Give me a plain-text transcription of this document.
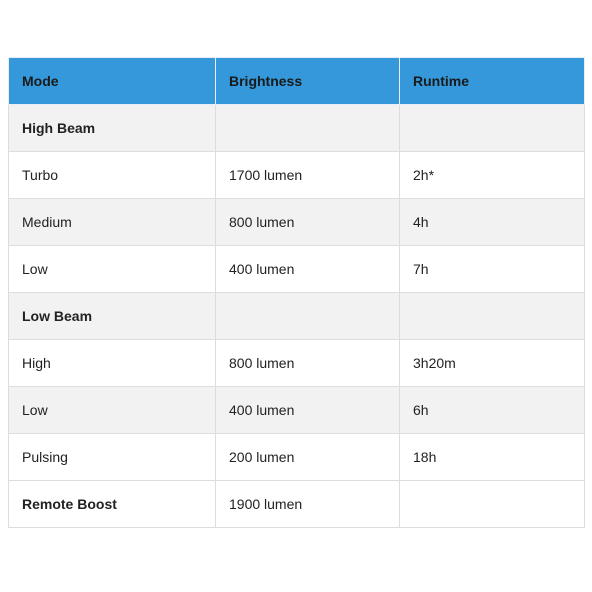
Mode	Brightness	Runtime
High Beam		
Turbo	1700 lumen	2h*
Medium	800 lumen	4h
Low	400 lumen	7h
Low Beam		
High	800 lumen	3h20m
Low	400 lumen	6h
Pulsing	200 lumen	18h
Remote Boost	1900 lumen	
